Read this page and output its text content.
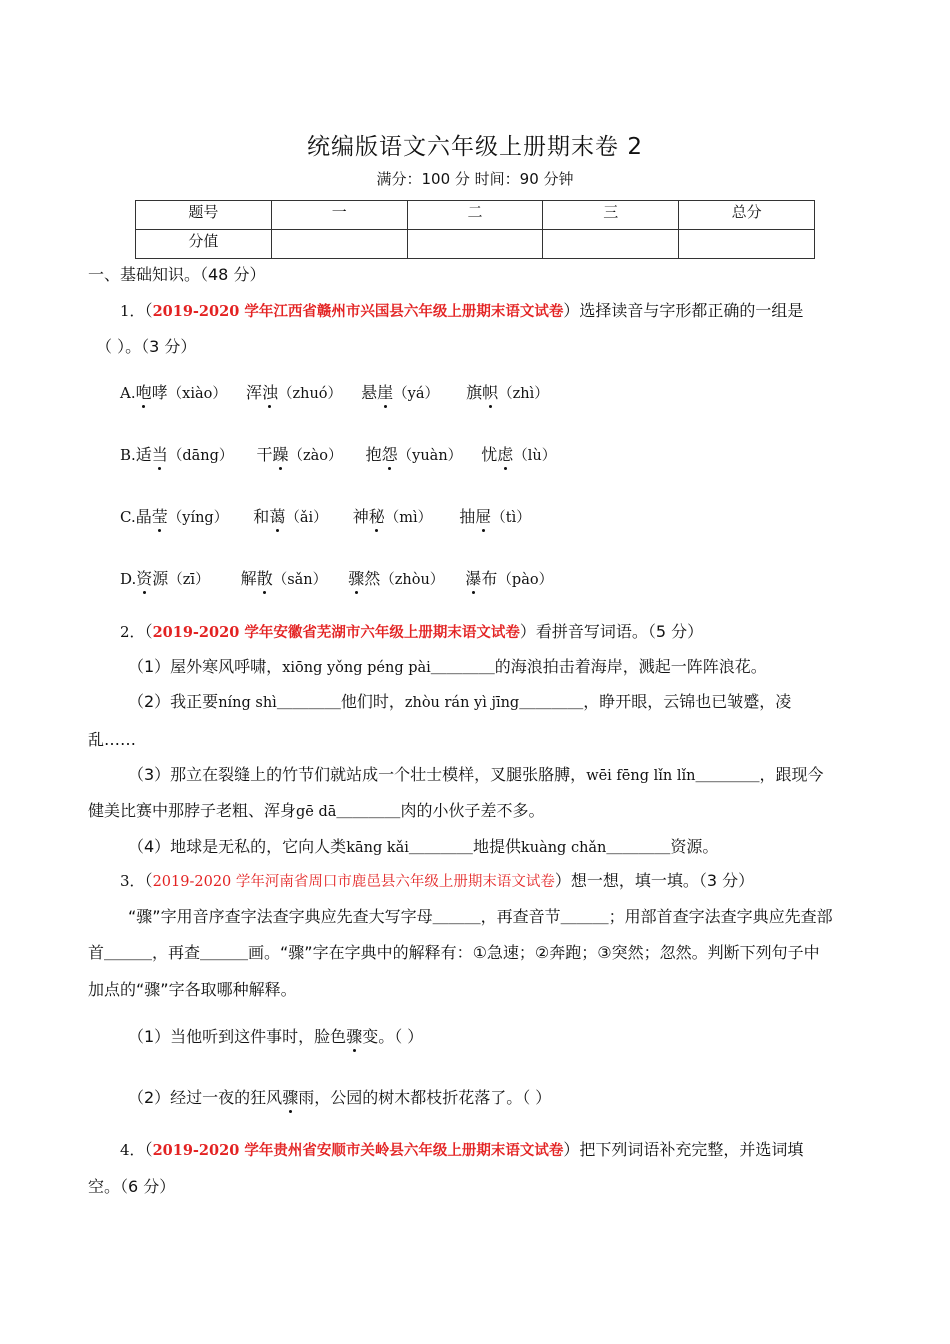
统编版语文六年级上册期末卷 2
满分：100 分 时间：90 分钟
题号	一	二	三	总分
分值				
一、基础知识。（48 分）
1．（2019-2020 学年江西省赣州市兴国县六年级上册期末语文试卷）选择读音与字形都正确的一组是
（ ）。（3 分）
A.咆哮（xiào） 浑浊（zhuó） 悬崖（yá） 旗帜（zhì）
B.适当（dāng） 干躁（zào） 抱怨（yuàn） 忧虑（lù）
C.晶莹（yíng） 和蔼（ǎi） 神秘（mì） 抽屉（tì）
D.资源（zī） 解散（sǎn） 骤然（zhòu） 瀑布（pào）
2．（2019-2020 学年安徽省芜湖市六年级上册期末语文试卷）看拼音写词语。（5 分）
（1）屋外寒风呼啸，xiōng yǒng péng pài＿＿＿＿的海浪拍击着海岸，溅起一阵阵浪花。
（2）我正要níng shì＿＿＿＿他们时，zhòu rán yì jīng＿＿＿＿，睁开眼，云锦也已皱蹙，凌
乱……
（3）那立在裂缝上的竹节们就站成一个壮士模样，叉腿张胳膊，wēi fēng lǐn lǐn＿＿＿＿，跟现今
健美比赛中那脖子老粗、浑身gē dā＿＿＿＿肉的小伙子差不多。
（4）地球是无私的，它向人类kāng kǎi＿＿＿＿地提供kuàng chǎn＿＿＿＿资源。
3．（2019-2020 学年河南省周口市鹿邑县六年级上册期末语文试卷）想一想，填一填。（3 分）
“骤”字用音序查字法查字典应先查大写字母＿＿＿，再查音节＿＿＿；用部首查字法查字典应先查部
首＿＿＿，再查＿＿＿画。“骤”字在字典中的解释有：①急速；②奔跑；③突然；忽然。判断下列句子中
加点的“骤”字各取哪种解释。
（1）当他听到这件事时，脸色骤变。（ ）
（2）经过一夜的狂风骤雨，公园的树木都枝折花落了。（ ）
4．（2019-2020 学年贵州省安顺市关岭县六年级上册期末语文试卷）把下列词语补充完整，并选词填
空。（6 分）
